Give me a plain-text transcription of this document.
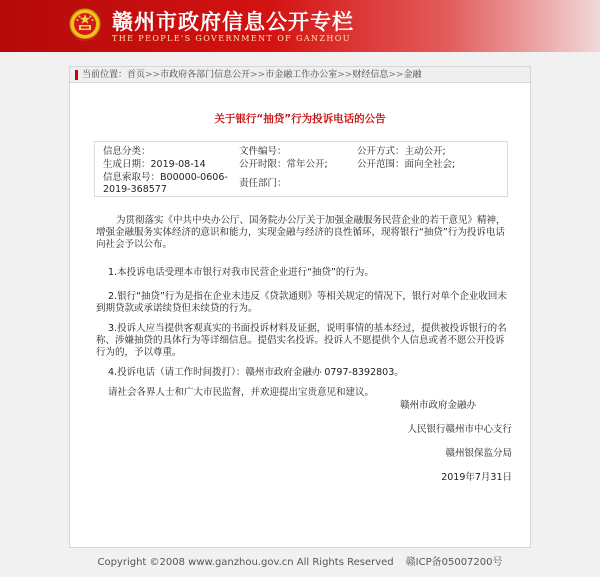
赣州市政府信息公开专栏
THE PEOPLE'S GOVERNMENT OF GANZHOU
当前位置：首页>>市政府各部门信息公开>>市金融工作办公室>>财经信息>>金融
关于银行“抽贷”行为投诉电话的公告
信息分类：
生成日期：2019-08-14
信息索取号：B00000-0606-2019-368577
文件编号：
公开时限：常年公开;
责任部门：
公开方式：主动公开;
公开范围：面向全社会;

为贯彻落实《中共中央办公厅、国务院办公厅关于加强金融服务民营企业的若干意见》精神，增强金融服务实体经济的意识和能力，实现金融与经济的良性循环，现将银行“抽贷”行为投诉电话向社会予以公布。

1.本投诉电话受理本市银行对我市民营企业进行“抽贷”的行为。

2.银行“抽贷”行为是指在企业未违反《贷款通则》等相关规定的情况下，银行对单个企业收回未到期贷款或承诺续贷但未续贷的行为。

3.投诉人应当提供客观真实的书面投诉材料及证据，说明事情的基本经过，提供被投诉银行的名称、涉嫌抽贷的具体行为等详细信息。提倡实名投诉。投诉人不愿提供个人信息或者不愿公开投诉行为的，予以尊重。

4.投诉电话（请工作时间拨打）：赣州市政府金融办 0797-8392803。

请社会各界人士和广大市民监督，并欢迎提出宝贵意见和建议。

赣州市政府金融办
人民银行赣州市中心支行
赣州银保监分局
2019年7月31日
Copyright ©2008 www.ganzhou.gov.cn All Rights Reserved 赣ICP备05007200号
